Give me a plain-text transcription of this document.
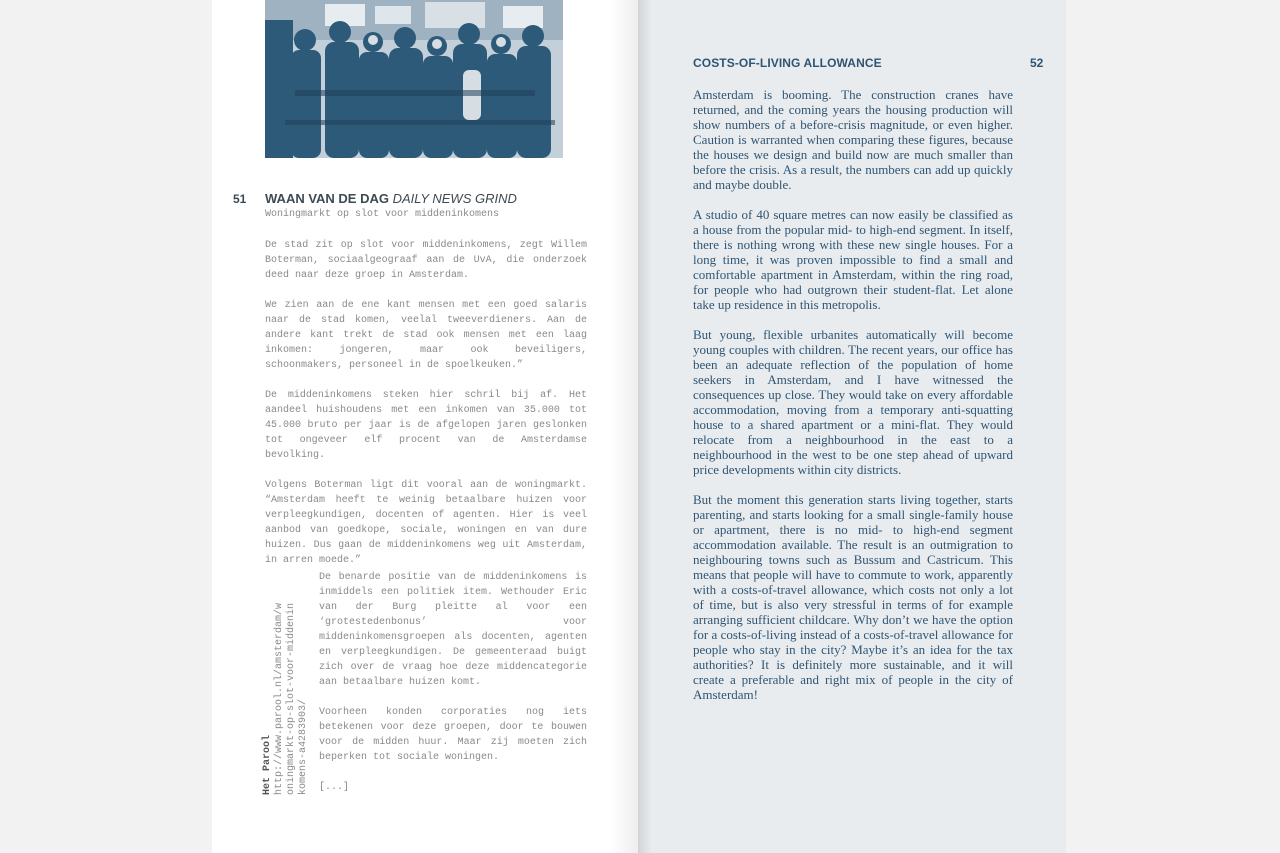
51 WAAN VAN DE DAG DAILY NEWS GRIND
Woningmarkt op slot voor middeninkomens

De stad zit op slot voor middeninkomens, zegt Willem Boterman, sociaalgeograaf aan de UvA, die onderzoek deed naar deze groep in Amsterdam.

We zien aan de ene kant mensen met een goed salaris naar de stad komen, veelal tweeverdieners. Aan de andere kant trekt de stad ook mensen met een laag inkomen: jongeren, maar ook beveiligers, schoonmakers, personeel in de spoelkeuken.”

De middeninkomens steken hier schril bij af. Het aandeel huishoudens met een inkomen van 35.000 tot 45.000 bruto per jaar is de afgelopen jaren geslonken tot ongeveer elf procent van de Amsterdamse bevolking.

Volgens Boterman ligt dit vooral aan de woningmarkt. “Amsterdam heeft te weinig betaalbare huizen voor verpleegkundigen, docenten of agenten. Hier is veel aanbod van goedkope, sociale, woningen en van dure huizen. Dus gaan de middeninkomens weg uit Amsterdam, in arren moede.”

De benarde positie van de middeninkomens is inmiddels een politiek item. Wethouder Eric van der Burg pleitte al voor een ‘grotestedenbonus’ voor middeninkomensgroepen als docenten, agenten en verpleegkundigen. De gemeenteraad buigt zich over de vraag hoe deze middencategorie aan betaalbare huizen komt.

Voorheen konden corporaties nog iets betekenen voor deze groepen, door te bouwen voor de midden huur. Maar zij moeten zich beperken tot sociale woningen.

[...]

Het Parool http://www.parool.nl/amsterdam/woningmarkt-op-slot-voor-middeninkomens-a4283903/
COSTS-OF-LIVING ALLOWANCE	52

Amsterdam is booming. The construction cranes have returned, and the coming years the housing production will show numbers of a before-crisis magnitude, or even higher. Caution is warranted when comparing these figures, because the houses we design and build now are much smaller than before the crisis. As a result, the numbers can add up quickly and maybe double.

A studio of 40 square metres can now easily be classified as a house from the popular mid- to high-end segment. In itself, there is nothing wrong with these new single houses. For a long time, it was proven impossible to find a small and comfortable apartment in Amsterdam, within the ring road, for people who had outgrown their student-flat. Let alone take up residence in this metropolis.

But young, flexible urbanites automatically will become young couples with children. The recent years, our office has been an adequate reflection of the population of home seekers in Amsterdam, and I have witnessed the consequences up close. They would take on every affordable accommodation, moving from a temporary anti-squatting house to a shared apartment or a mini-flat. They would relocate from a neighbourhood in the east to a neighbourhood in the west to be one step ahead of upward price developments within city districts.

But the moment this generation starts living together, starts parenting, and starts looking for a small single-family house or apartment, there is no mid- to high-end segment accommodation available. The result is an outmigration to neighbouring towns such as Bussum and Castricum. This means that people will have to commute to work, apparently with a costs-of-travel allowance, which costs not only a lot of time, but is also very stressful in terms of for example arranging sufficient childcare. Why don’t we have the option for a costs-of-living instead of a costs-of-travel allowance for people who stay in the city? Maybe it’s an idea for the tax authorities? It is definitely more sustainable, and it will create a preferable and right mix of people in the city of Amsterdam!
